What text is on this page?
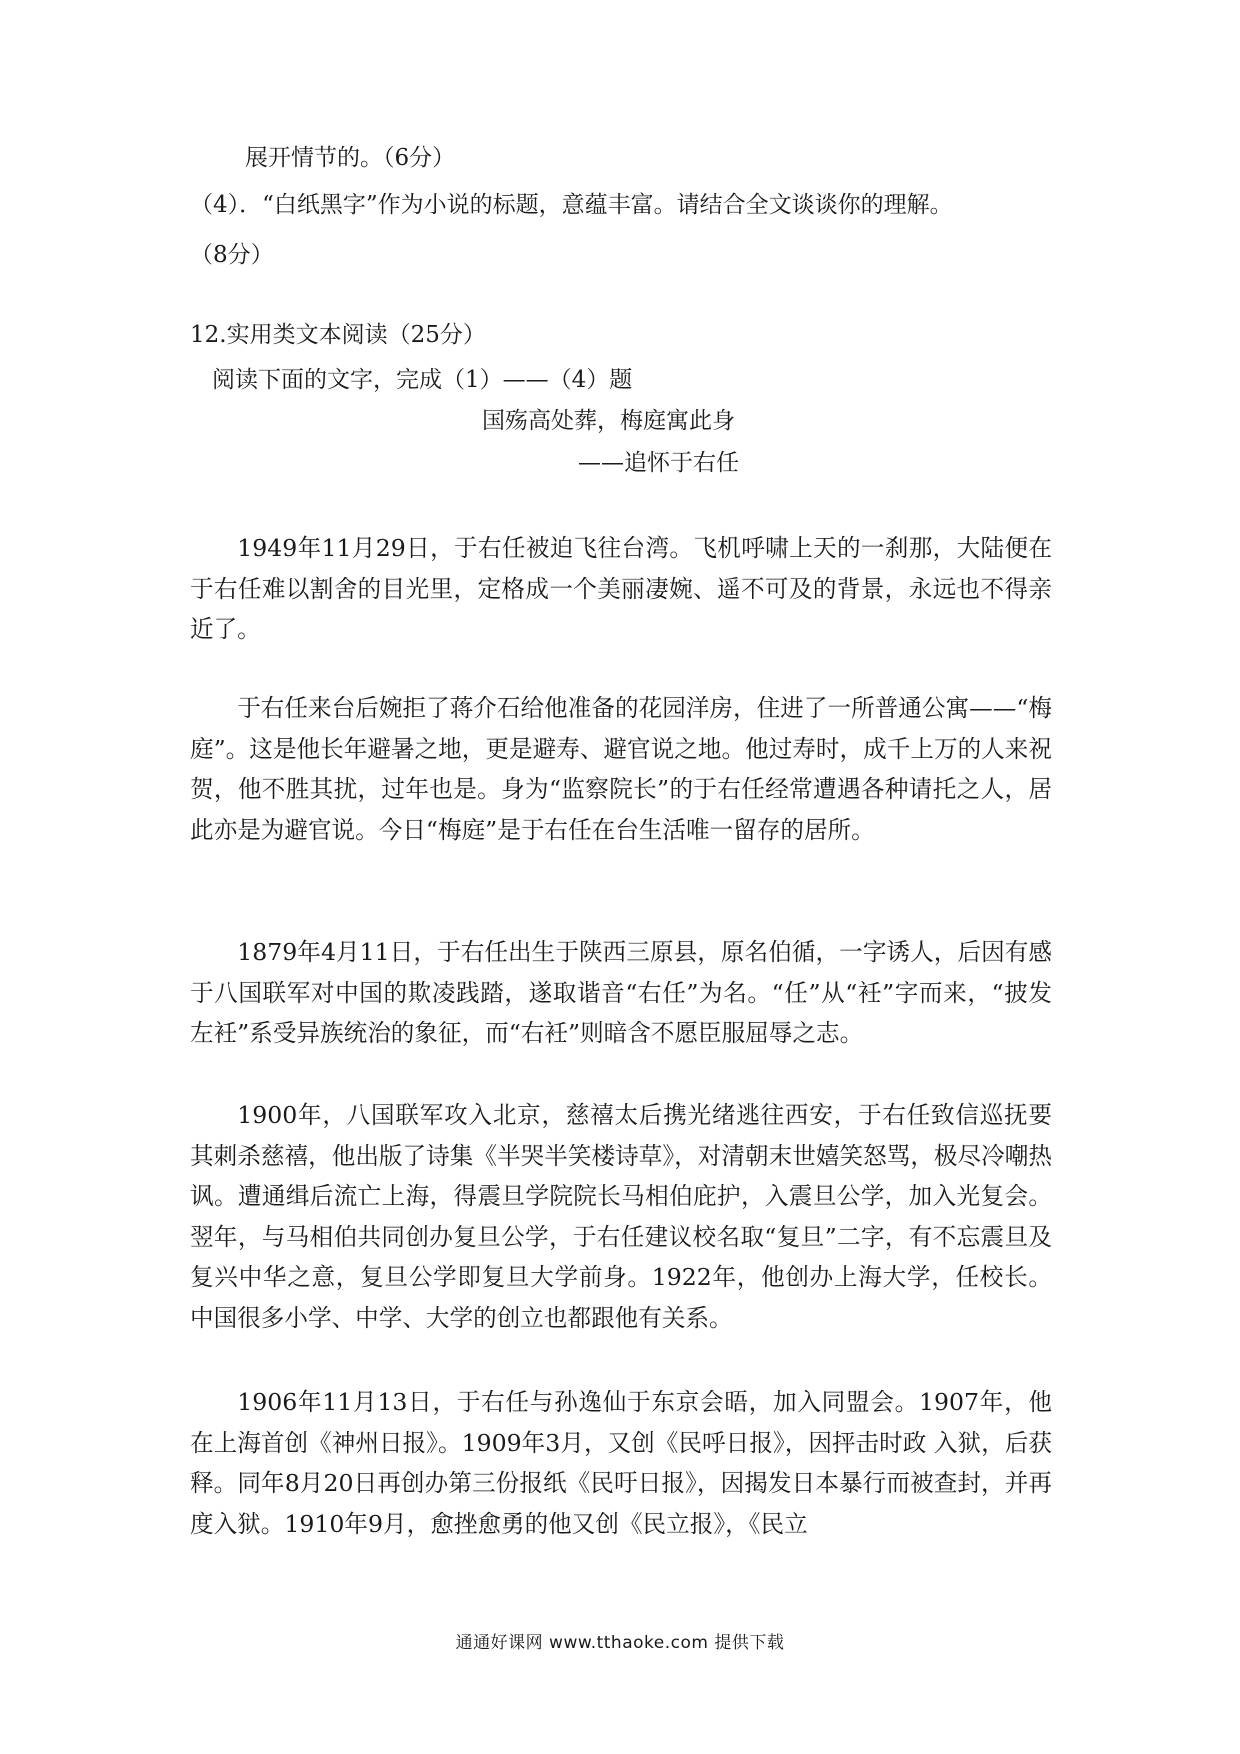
展开情节的。（6分）
（4）．“白纸黑字”作为小说的标题，意蕴丰富。请结合全文谈谈你的理解。
（8分）
12.实用类文本阅读（25分）
阅读下面的文字，完成（1）——（4）题
国殇高处葬，梅庭寓此身
——追怀于右任

1949年11月29日，于右任被迫飞往台湾。飞机呼啸上天的一刹那，大陆便在于右任难以割舍的目光里，定格成一个美丽凄婉、遥不可及的背景，永远也不得亲近了。

于右任来台后婉拒了蒋介石给他准备的花园洋房，住进了一所普通公寓——“梅庭”。这是他长年避暑之地，更是避寿、避官说之地。他过寿时，成千上万的人来祝 贺，他不胜其扰，过年也是。身为“监察院长”的于右任经常遭遇各种请托之人，居此亦是为避官说。今日“梅庭”是于右任在台生活唯一留存的居所。

1879年4月11日，于右任出生于陕西三原县，原名伯循，一字诱人，后因有感于八国联军对中国的欺凌践踏，遂取谐音“右任”为名。“任”从“衽”字而来，“披发左衽”系受异族统治的象征，而“右衽”则暗含不愿臣服屈辱之志。

1900年，八国联军攻入北京，慈禧太后携光绪逃往西安，于右任致信巡抚要其刺杀慈禧，他出版了诗集《半哭半笑楼诗草》，对清朝末世嬉笑怒骂，极尽冷嘲热讽。遭通缉后流亡上海，得震旦学院院长马相伯庇护，入震旦公学，加入光复会。翌年，与马相伯共同创办复旦公学，于右任建议校名取“复旦”二字，有不忘震旦及复兴中华之意，复旦公学即复旦大学前身。1922年，他创办上海大学，任校长。中国很多小学、中学、大学的创立也都跟他有关系。

1906年11月13日，于右任与孙逸仙于东京会晤，加入同盟会。1907年，他在上海首创《神州日报》。1909年3月，又创《民呼日报》，因抨击时政 入狱，后获释。同年8月20日再创办第三份报纸《民吁日报》，因揭发日本暴行而被查封，并再度入狱。1910年9月，愈挫愈勇的他又创《民立报》，《民立

通通好课网 www.tthaoke.com 提供下载
